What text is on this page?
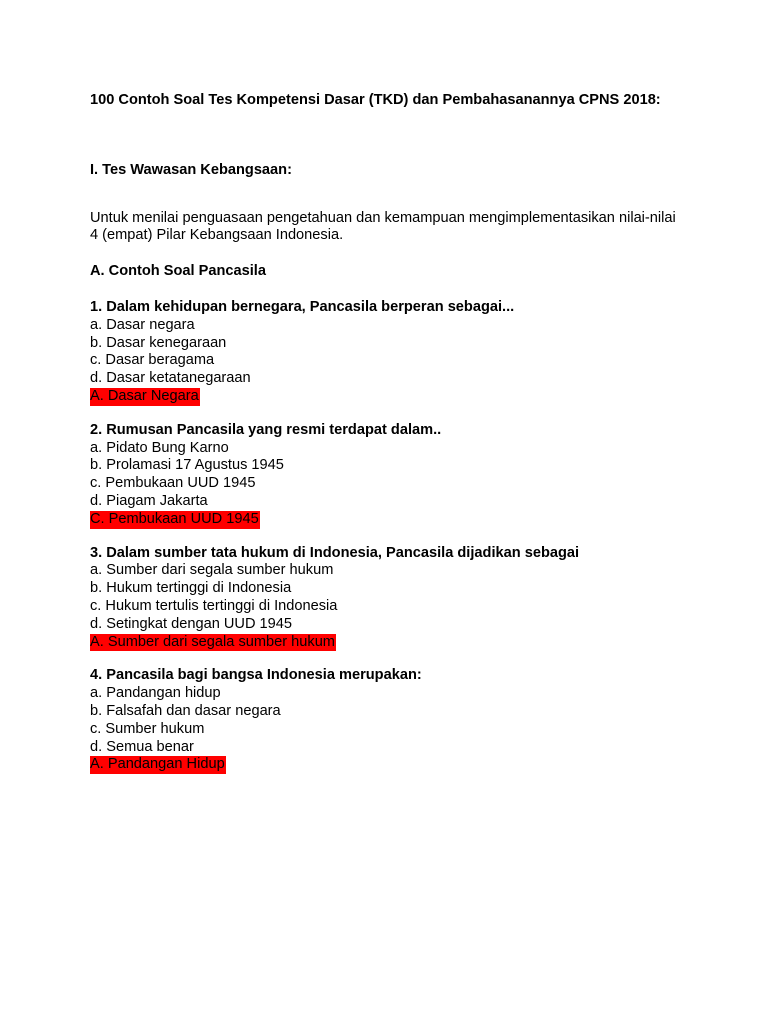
100 Contoh Soal Tes Kompetensi Dasar (TKD) dan Pembahasanannya CPNS 2018:

I. Tes Wawasan Kebangsaan:

Untuk menilai penguasaan pengetahuan dan kemampuan mengimplementasikan nilai-nilai 4 (empat) Pilar Kebangsaan Indonesia.

A. Contoh Soal Pancasila

1. Dalam kehidupan bernegara, Pancasila berperan sebagai...

a. Dasar negara

b. Dasar kenegaraan

c. Dasar beragama

d. Dasar ketatanegaraan

A. Dasar Negara

2. Rumusan Pancasila yang resmi terdapat dalam..

a. Pidato Bung Karno

b. Prolamasi 17 Agustus 1945

c. Pembukaan UUD 1945

d. Piagam Jakarta

C. Pembukaan UUD 1945

3. Dalam sumber tata hukum di Indonesia, Pancasila dijadikan sebagai

a. Sumber dari segala sumber hukum

b. Hukum tertinggi di Indonesia

c. Hukum tertulis tertinggi di Indonesia

d. Setingkat dengan UUD 1945

A. Sumber dari segala sumber hukum

4. Pancasila bagi bangsa Indonesia merupakan:

a. Pandangan hidup

b. Falsafah dan dasar negara

c. Sumber hukum

d. Semua benar

A. Pandangan Hidup
